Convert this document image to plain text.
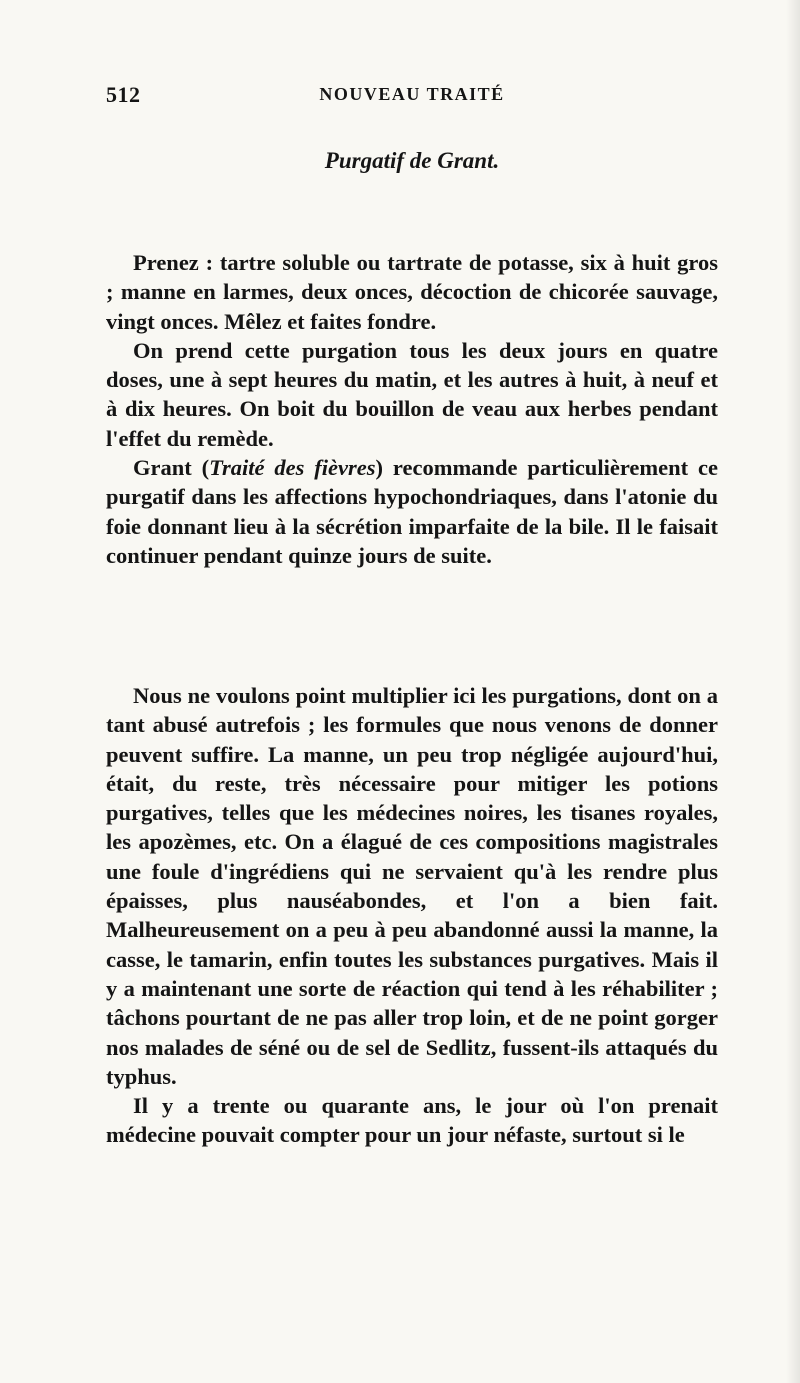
512	NOUVEAU TRAITÉ
Purgatif de Grant.

Prenez : tartre soluble ou tartrate de potasse, six à huit gros ; manne en larmes, deux onces, décoction de chicorée sauvage, vingt onces. Mêlez et faites fondre.

On prend cette purgation tous les deux jours en quatre doses, une à sept heures du matin, et les autres à huit, à neuf et à dix heures. On boit du bouillon de veau aux herbes pendant l'effet du remède.

Grant (Traité des fièvres) recommande particulièrement ce purgatif dans les affections hypochondriaques, dans l'atonie du foie donnant lieu à la sécrétion imparfaite de la bile. Il le faisait continuer pendant quinze jours de suite.

Nous ne voulons point multiplier ici les purgations, dont on a tant abusé autrefois ; les formules que nous venons de donner peuvent suffire. La manne, un peu trop négligée aujourd'hui, était, du reste, très nécessaire pour mitiger les potions purgatives, telles que les médecines noires, les tisanes royales, les apozèmes, etc. On a élagué de ces compositions magistrales une foule d'ingrédiens qui ne servaient qu'à les rendre plus épaisses, plus nauséabondes, et l'on a bien fait. Malheureusement on a peu à peu abandonné aussi la manne, la casse, le tamarin, enfin toutes les substances purgatives. Mais il y a maintenant une sorte de réaction qui tend à les réhabiliter ; tâchons pourtant de ne pas aller trop loin, et de ne point gorger nos malades de séné ou de sel de Sedlitz, fussent-ils attaqués du typhus.

Il y a trente ou quarante ans, le jour où l'on prenait médecine pouvait compter pour un jour néfaste, surtout si le
